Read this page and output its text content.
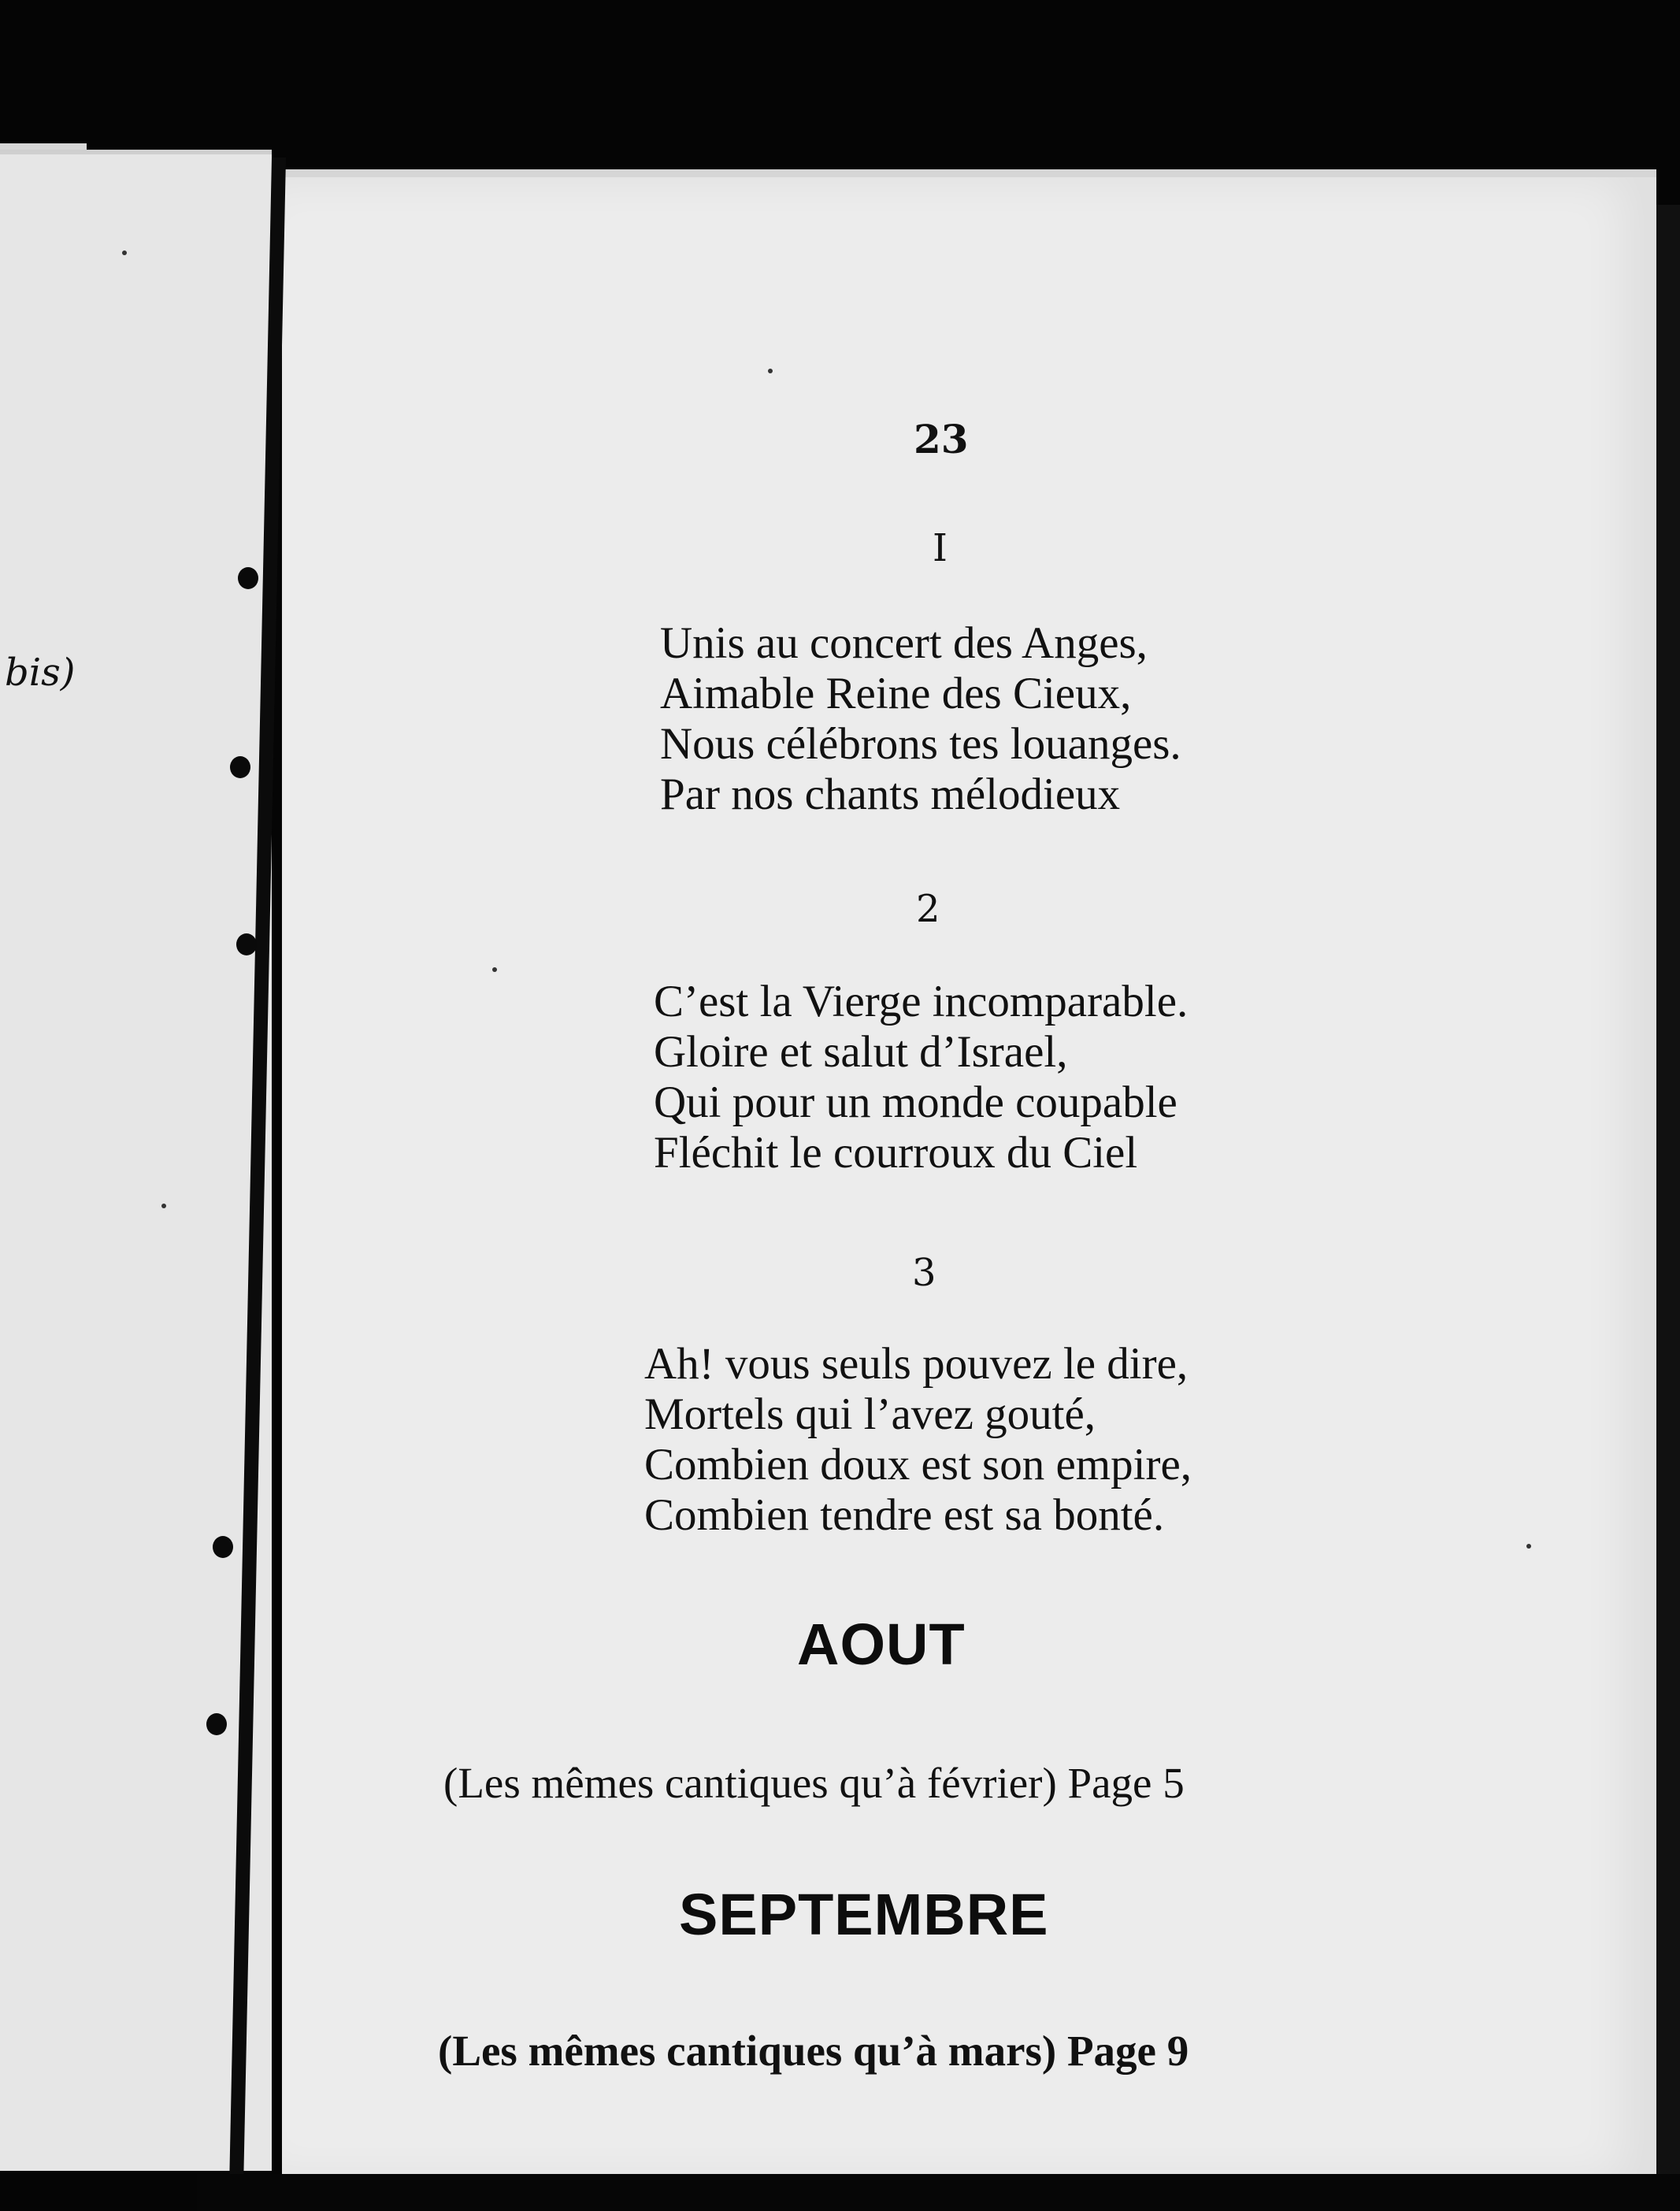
bis)
23
I
Unis au concert des Anges,
Aimable Reine des Cieux,
Nous célébrons tes louanges.
Par nos chants mélodieux
2
C’est la Vierge incomparable.
Gloire et salut d’Israel,
Qui pour un monde coupable
Fléchit le courroux du Ciel
3
Ah! vous seuls pouvez le dire,
Mortels qui l’avez gouté,
Combien doux est son empire,
Combien tendre est sa bonté.
AOUT
(Les mêmes cantiques qu’à février) Page 5
SEPTEMBRE
(Les mêmes cantiques qu’à mars) Page 9
